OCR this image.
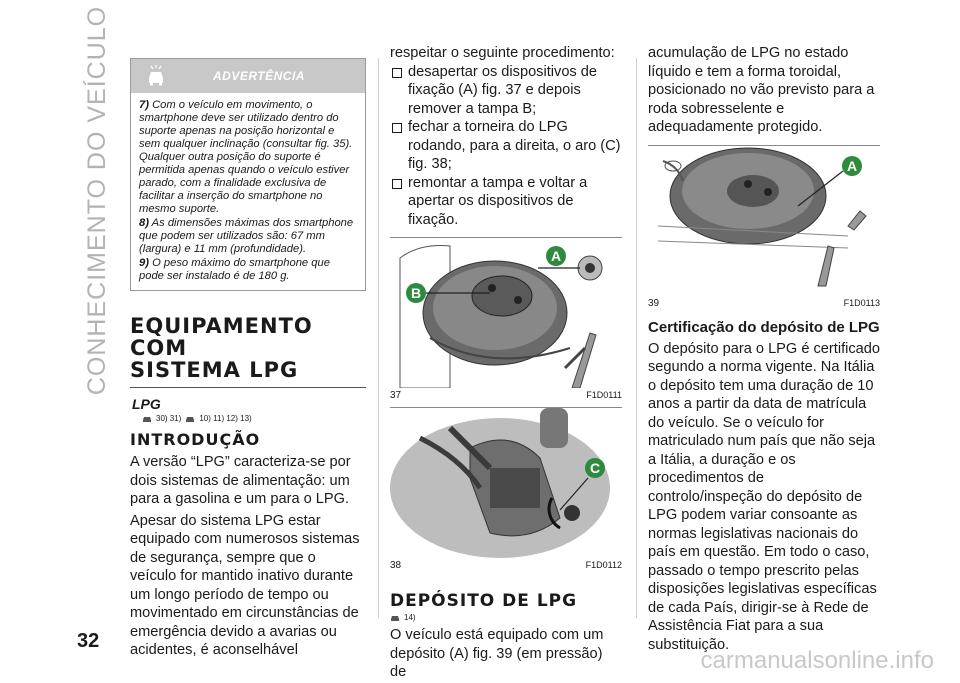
CONHECIMENTO DO VEÍCULO
32
ADVERTÊNCIA

7) Com o veículo em movimento, o smartphone deve ser utilizado dentro do suporte apenas na posição horizontal e sem qualquer inclinação (consultar fig. 35). Qualquer outra posição do suporte é permitida apenas quando o veículo estiver parado, com a finalidade exclusiva de facilitar a inserção do smartphone no mesmo suporte.

8) As dimensões máximas dos smartphone que podem ser utilizados são: 67 mm (largura) e 11 mm (profundidade).

9) O peso máximo do smartphone que pode ser instalado é de 180 g.

EQUIPAMENTO COM
SISTEMA LPG
LPG
30) 31) 10) 11) 12) 13)
INTRODUÇÃO

A versão “LPG” caracteriza-se por dois sistemas de alimentação: um para a gasolina e um para o LPG.

Apesar do sistema LPG estar equipado com numerosos sistemas de segurança, sempre que o veículo for mantido inativo durante um longo período de tempo ou movimentado em circunstâncias de emergência devido a avarias ou acidentes, é aconselhável

respeitar o seguinte procedimento:
desapertar os dispositivos de fixação (A) fig. 37 e depois remover a tampa B;
fechar a torneira do LPG rodando, para a direita, o aro (C) fig. 38;
remontar a tampa e voltar a apertar os dispositivos de fixação.
B
A
37	F1D0111
C
38	F1D0112
DEPÓSITO DE LPG
14)

O veículo está equipado com um depósito (A) fig. 39 (em pressão) de

acumulação de LPG no estado líquido e tem a forma toroidal, posicionado no vão previsto para a roda sobresselente e adequadamente protegido.

A
39	F1D0113
Certificação do depósito de LPG

O depósito para o LPG é certificado segundo a norma vigente. Na Itália o depósito tem uma duração de 10 anos a partir da data de matrícula do veículo. Se o veículo for matriculado num país que não seja a Itália, a duração e os procedimentos de controlo/inspeção do depósito de LPG podem variar consoante as normas legislativas nacionais do país em questão. Em todo o caso, passado o tempo prescrito pelas disposições legislativas específicas de cada País, dirigir-se à Rede de Assistência Fiat para a sua substituição.

carmanualsonline.info
